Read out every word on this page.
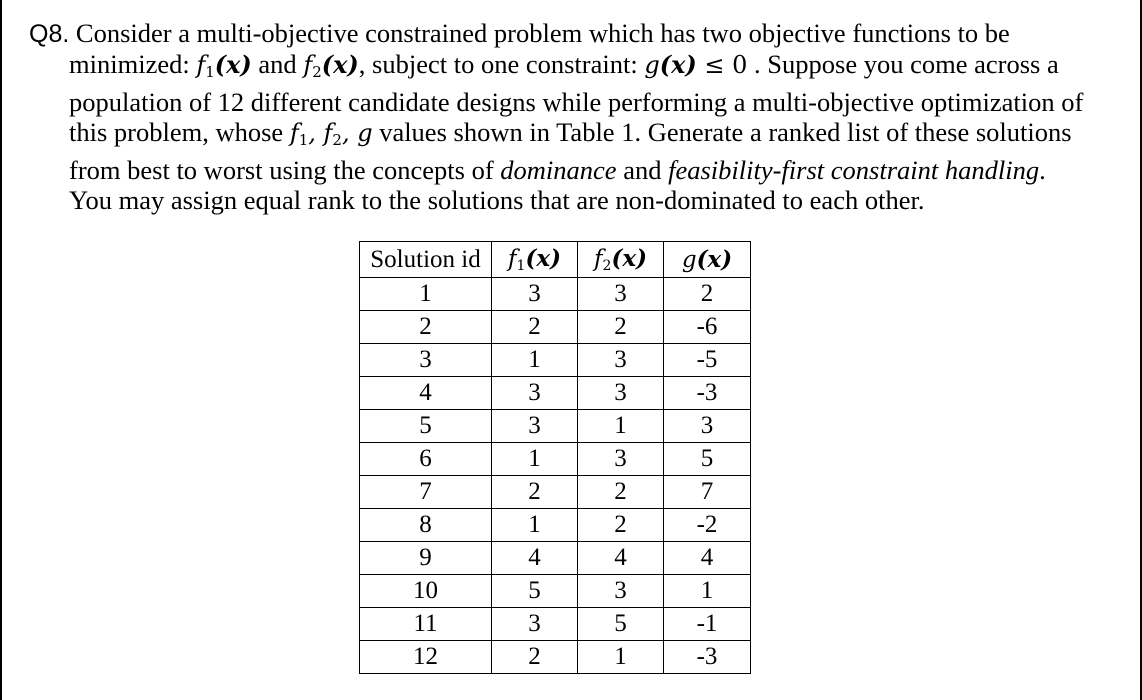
Q8. Consider a multi-objective constrained problem which has two objective functions to be
minimized: $f_1(x)$ and $f_2(x)$, subject to one constraint: g(x) ≤ 0 . Suppose you come across a
population of 12 different candidate designs while performing a multi-objective optimization of
this problem, whose $f_1$, $f_2$, g values shown in Table 1. Generate a ranked list of these solutions
from best to worst using the concepts of dominance and feasibility-first constraint handling.
You may assign equal rank to the solutions that are non-dominated to each other.
Solution id	$f_1(x)$	$f_2(x)$	g(x)
1	3	3	2
2	2	2	-6
3	1	3	-5
4	3	3	-3
5	3	1	3
6	1	3	5
7	2	2	7
8	1	2	-2
9	4	4	4
10	5	3	1
11	3	5	-1
12	2	1	-3
